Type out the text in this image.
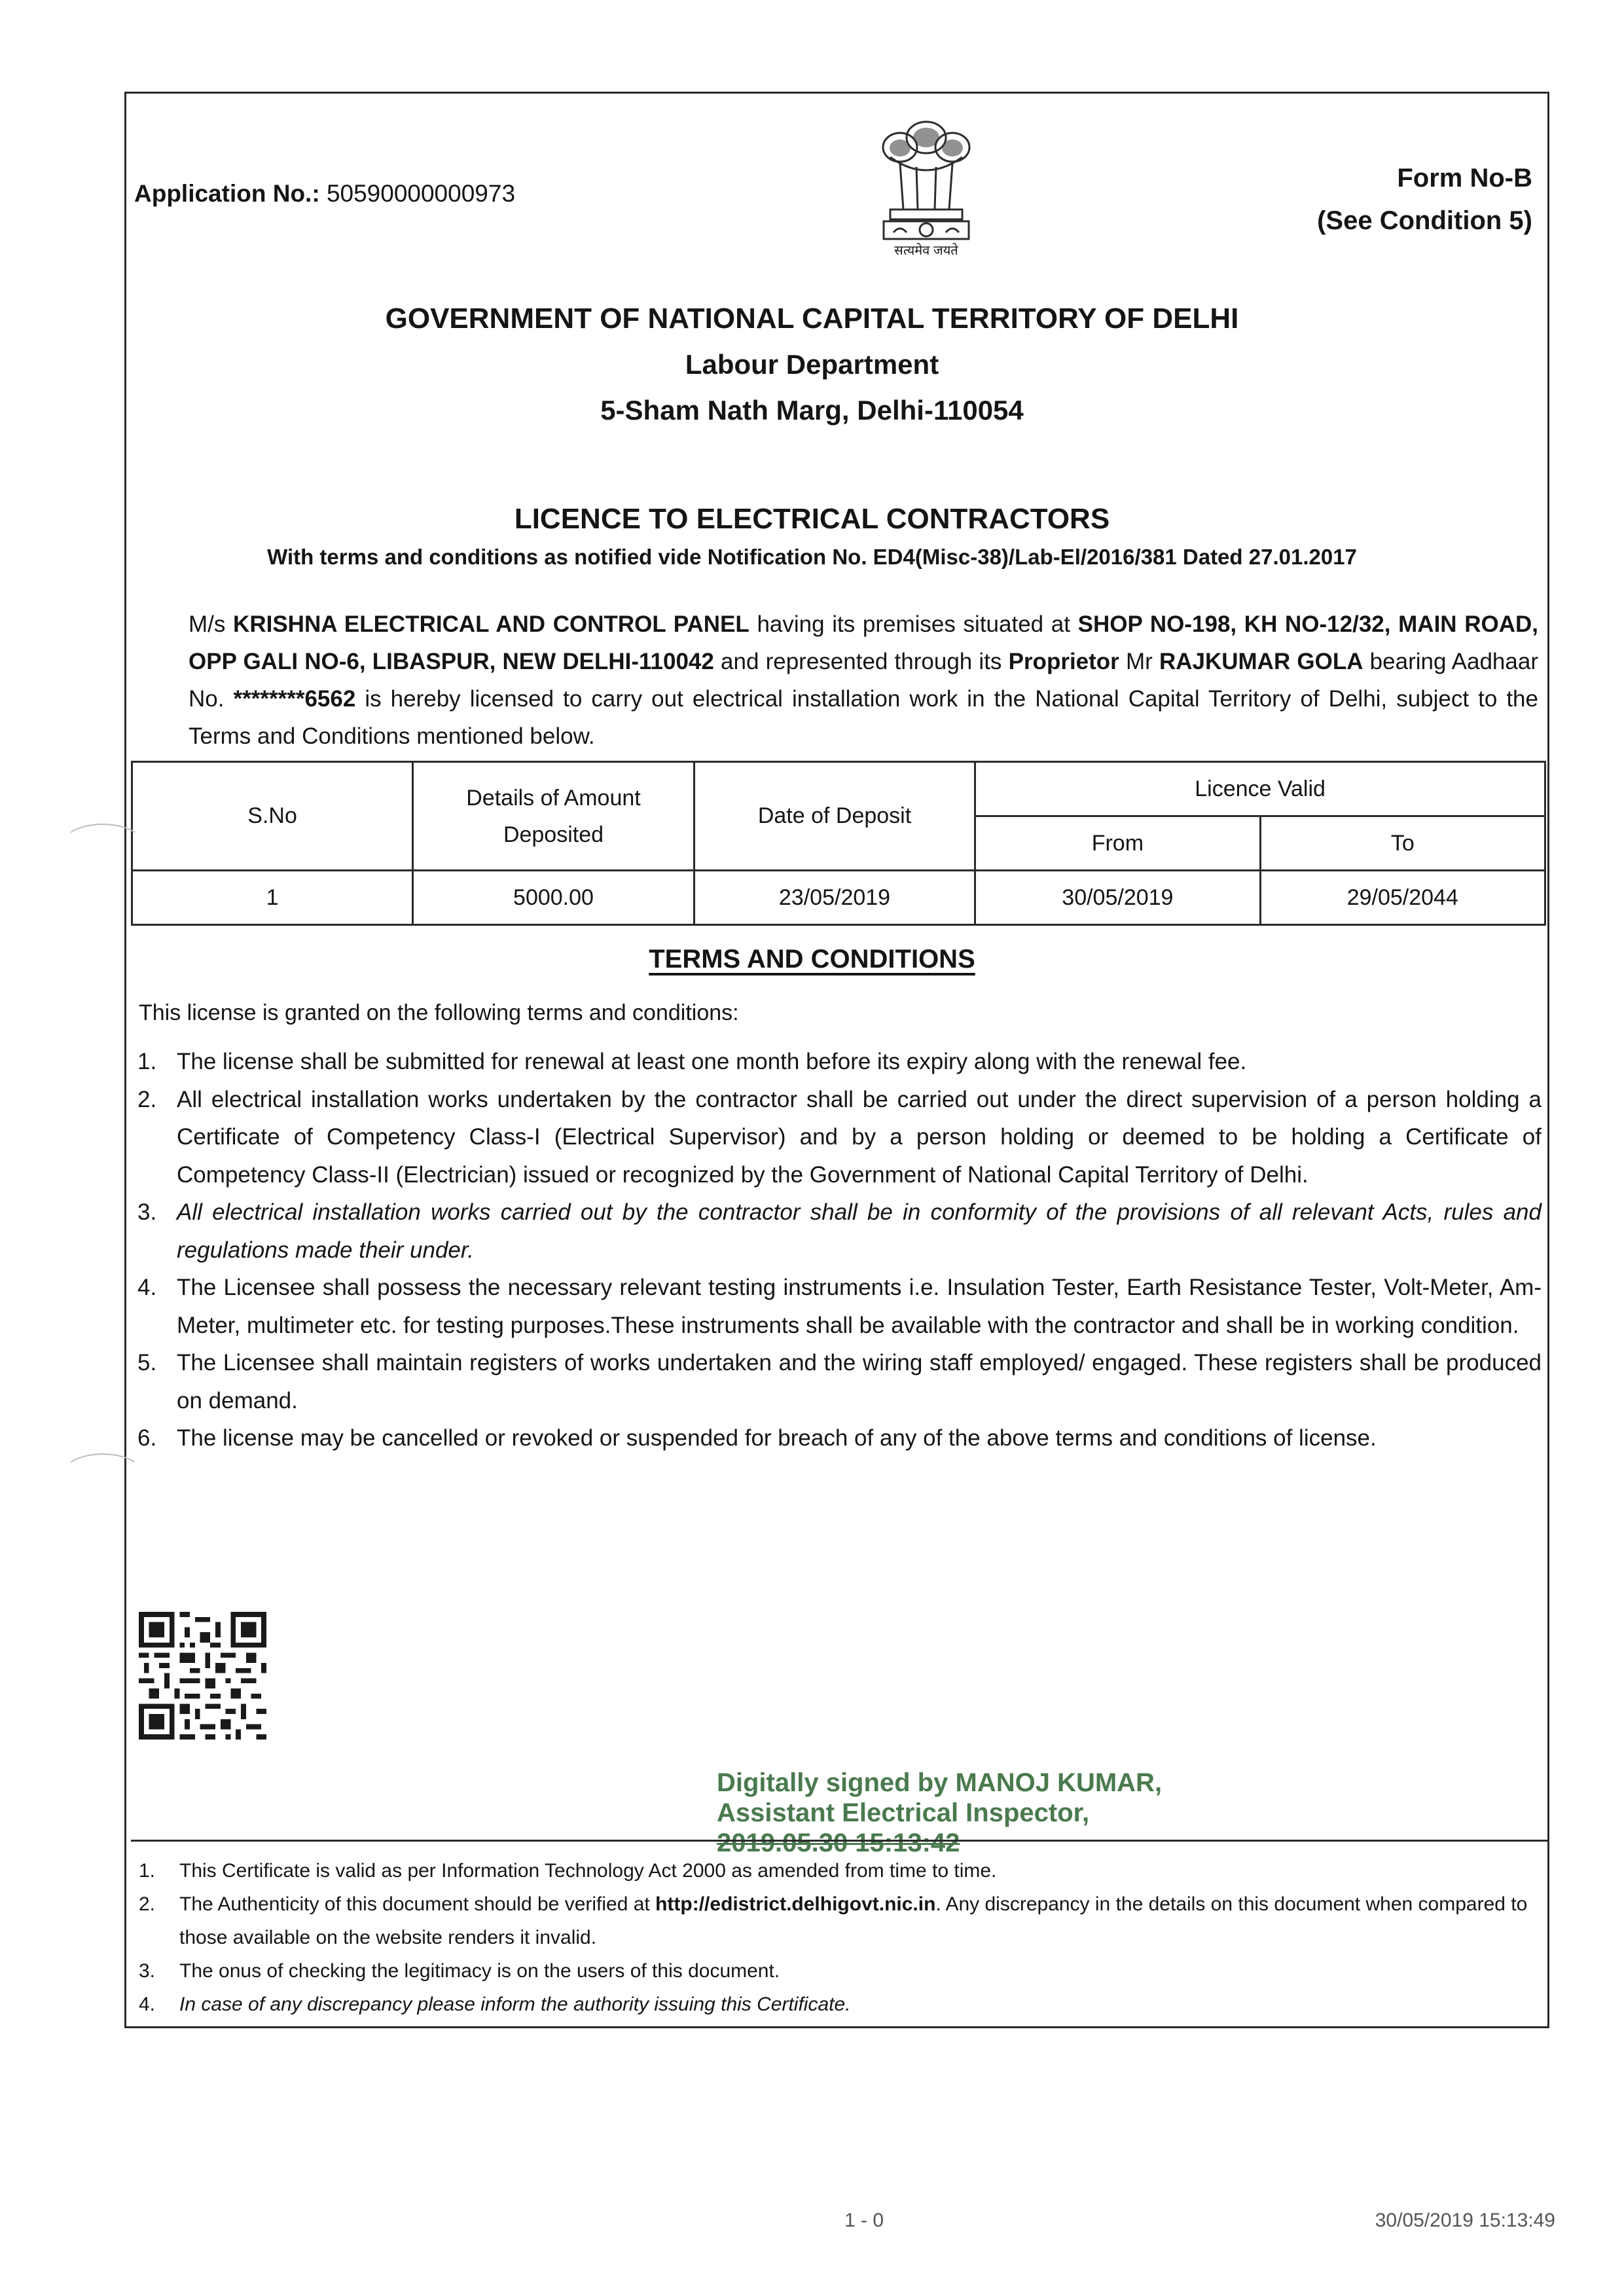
Application No.: 50590000000973
सत्यमेव जयते
Form No-B
(See Condition 5)
GOVERNMENT OF NATIONAL CAPITAL TERRITORY OF DELHI
Labour Department
5-Sham Nath Marg, Delhi-110054
LICENCE TO ELECTRICAL CONTRACTORS
With terms and conditions as notified vide Notification No. ED4(Misc-38)/Lab-El/2016/381 Dated 27.01.2017
M/s KRISHNA ELECTRICAL AND CONTROL PANEL having its premises situated at SHOP NO-198, KH NO-12/32, MAIN ROAD, OPP GALI NO-6, LIBASPUR, NEW DELHI-110042 and represented through its Proprietor Mr RAJKUMAR GOLA bearing Aadhaar No. ********6562 is hereby licensed to carry out electrical installation work in the National Capital Territory of Delhi, subject to the Terms and Conditions mentioned below.
S.No	Details of Amount Deposited	Date of Deposit	Licence Valid	
			From	To
1	5000.00	23/05/2019	30/05/2019	29/05/2044
TERMS AND CONDITIONS
This license is granted on the following terms and conditions:
1. The license shall be submitted for renewal at least one month before its expiry along with the renewal fee.
2. All electrical installation works undertaken by the contractor shall be carried out under the direct supervision of a person holding a Certificate of Competency Class-I (Electrical Supervisor) and by a person holding or deemed to be holding a Certificate of Competency Class-II (Electrician) issued or recognized by the Government of National Capital Territory of Delhi.
3. All electrical installation works carried out by the contractor shall be in conformity of the provisions of all relevant Acts, rules and regulations made their under.
4. The Licensee shall possess the necessary relevant testing instruments i.e. Insulation Tester, Earth Resistance Tester, Volt-Meter, Am- Meter, multimeter etc. for testing purposes.These instruments shall be available with the contractor and shall be in working condition.
5. The Licensee shall maintain registers of works undertaken and the wiring staff employed/ engaged. These registers shall be produced on demand.
6. The license may be cancelled or revoked or suspended for breach of any of the above terms and conditions of license.
Digitally signed by MANOJ KUMAR,
Assistant Electrical Inspector,
2019.05.30 15:13:42
1. This Certificate is valid as per Information Technology Act 2000 as amended from time to time.
2. The Authenticity of this document should be verified at http://edistrict.delhigovt.nic.in. Any discrepancy in the details on this document when compared to those available on the website renders it invalid.
3. The onus of checking the legitimacy is on the users of this document.
4. In case of any discrepancy please inform the authority issuing this Certificate.
1 - 0	30/05/2019 15:13:49
